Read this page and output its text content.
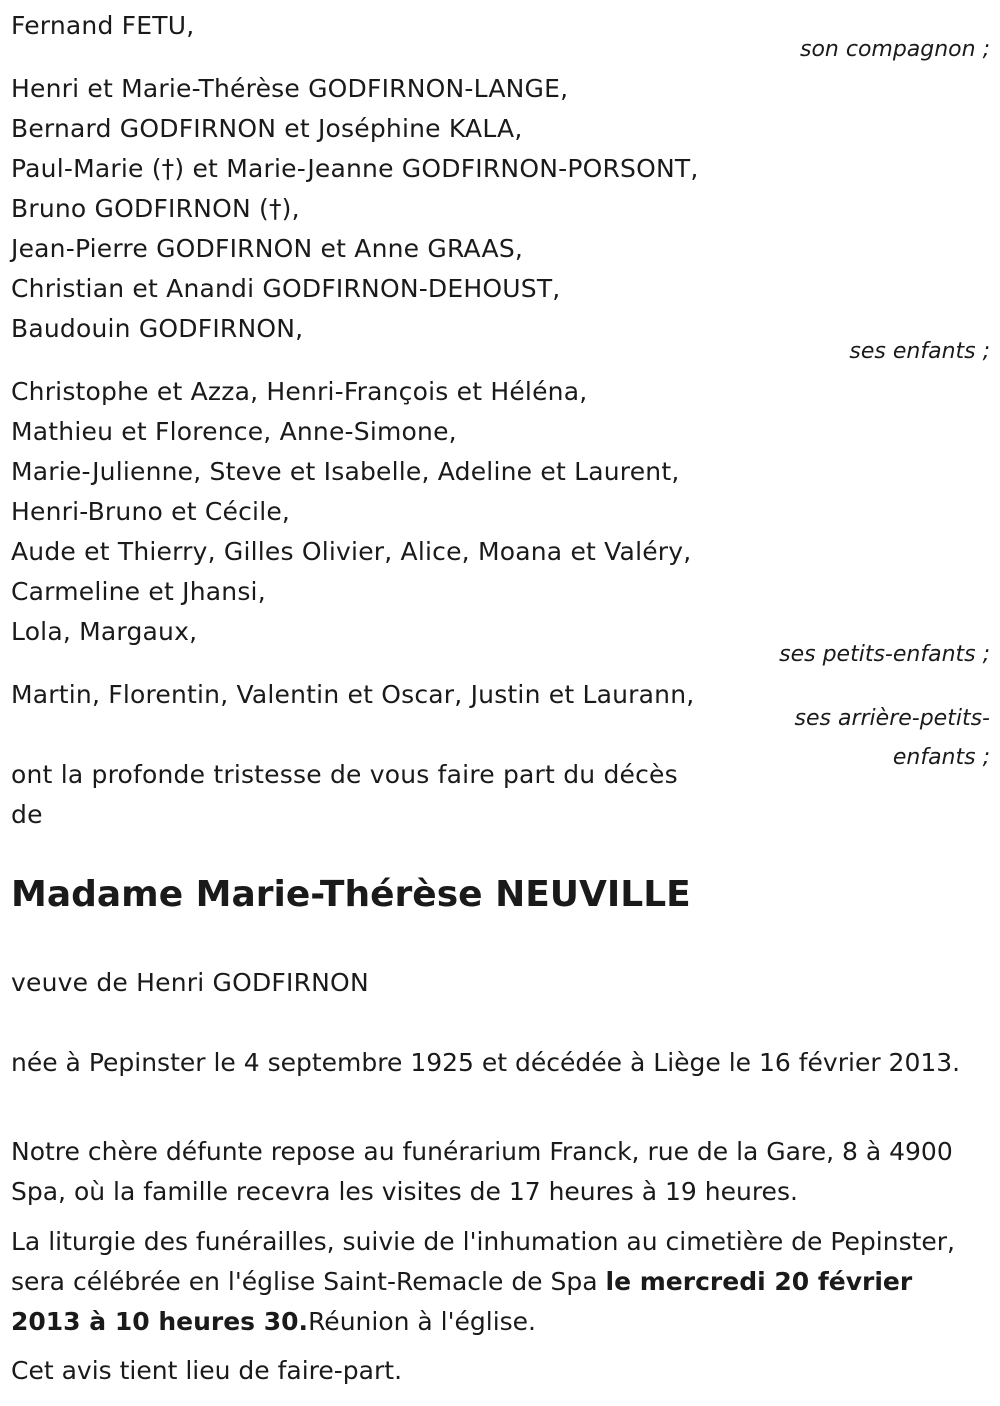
Fernand FETU,
son compagnon ;
Henri et Marie-Thérèse GODFIRNON-LANGE,
Bernard GODFIRNON et Joséphine KALA,
Paul-Marie (†) et Marie-Jeanne GODFIRNON-PORSONT,
Bruno GODFIRNON (†),
Jean-Pierre GODFIRNON et Anne GRAAS,
Christian et Anandi GODFIRNON-DEHOUST,
Baudouin GODFIRNON,
ses enfants ;
Christophe et Azza, Henri-François et Héléna,
Mathieu et Florence, Anne-Simone,
Marie-Julienne, Steve et Isabelle, Adeline et Laurent,
Henri-Bruno et Cécile,
Aude et Thierry, Gilles Olivier, Alice, Moana et Valéry,
Carmeline et Jhansi,
Lola, Margaux,
ses petits-enfants ;
Martin, Florentin, Valentin et Oscar, Justin et Laurann,
ses arrière-petits-
enfants ;
ont la profonde tristesse de vous faire part du décès
de
Madame Marie-Thérèse NEUVILLE
veuve de Henri GODFIRNON
née à Pepinster le 4 septembre 1925 et décédée à Liège le 16 février 2013.
Notre chère défunte repose au funérarium Franck, rue de la Gare, 8 à 4900 Spa, où la famille recevra les visites de 17 heures à 19 heures.
La liturgie des funérailles, suivie de l'inhumation au cimetière de Pepinster, sera célébrée en l'église Saint-Remacle de Spa le mercredi 20 février 2013 à 10 heures 30.Réunion à l'église.
Cet avis tient lieu de faire-part.
